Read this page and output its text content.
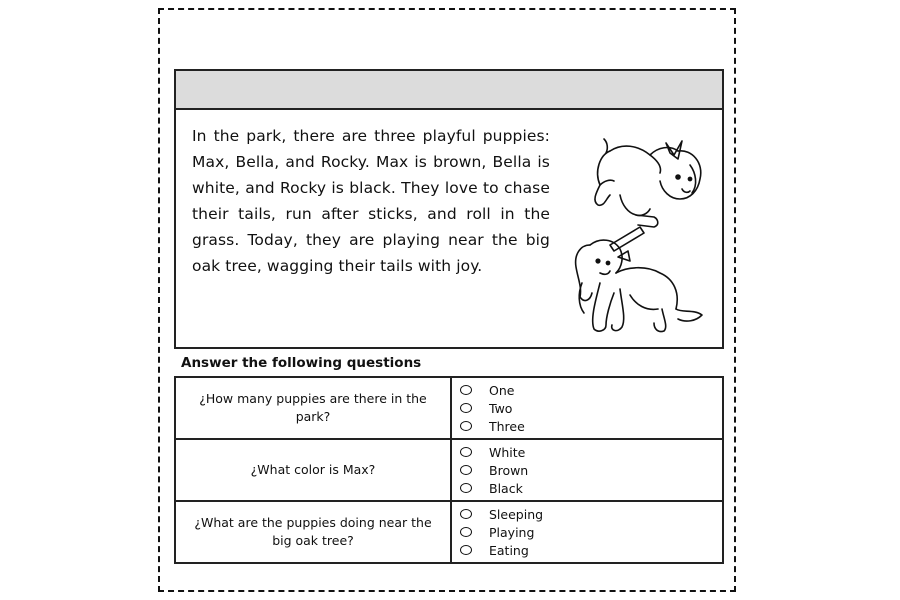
In the park, there are three playful puppies: Max, Bella, and Rocky. Max is brown, Bella is white, and Rocky is black. They love to chase their tails, run after sticks, and roll in the grass. Today, they are playing near the big oak tree, wagging their tails with joy.
Answer the following questions
¿How many puppies are there in the park?	One
Two
Three

¿What color is Max?	White
Brown
Black

¿What are the puppies doing near the big oak tree?	Sleeping
Playing
Eating
